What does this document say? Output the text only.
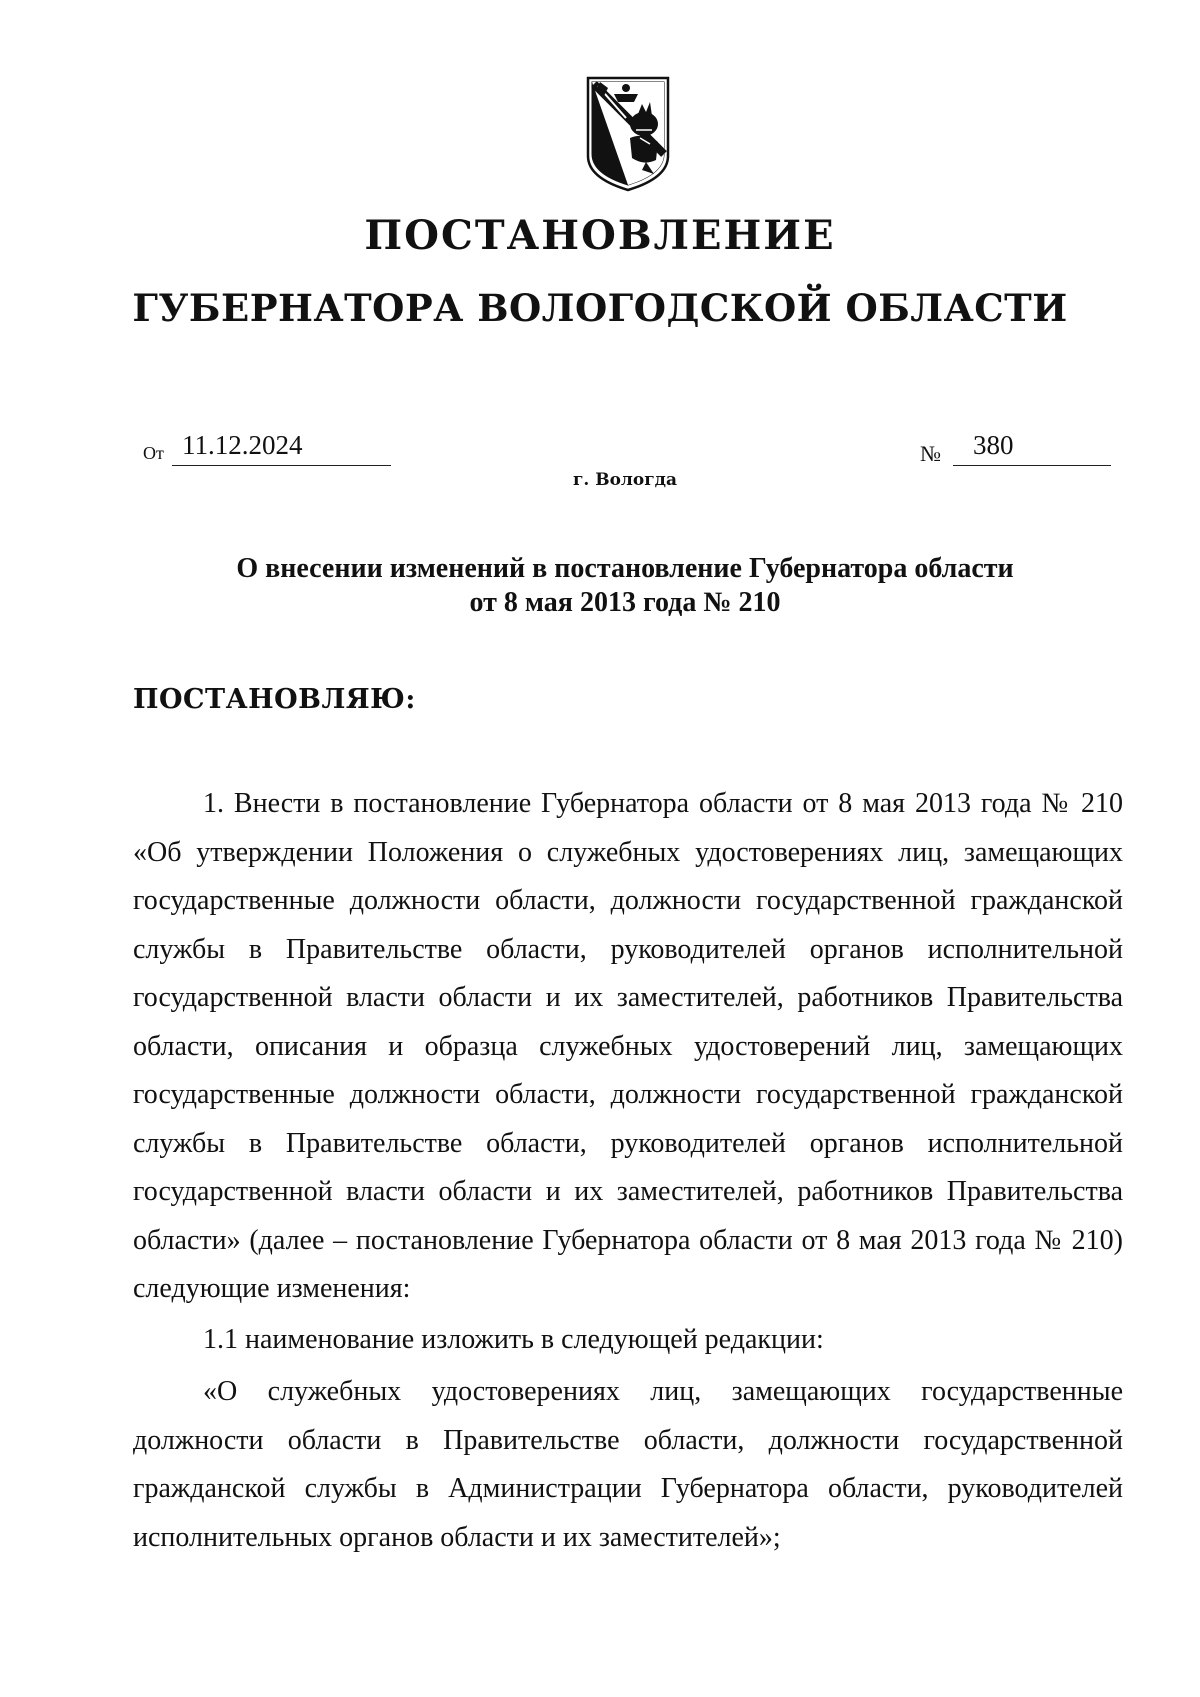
ПОСТАНОВЛЕНИЕ
ГУБЕРНАТОРА ВОЛОГОДСКОЙ ОБЛАСТИ
От 11.12.2024	№	380
г. Вологда
О внесении изменений в постановление Губернатора области
от 8 мая 2013 года № 210
ПОСТАНОВЛЯЮ:

1. Внести в постановление Губернатора области от 8 мая 2013 года № 210 «Об утверждении Положения о служебных удостоверениях лиц, замещающих государственные должности области, должности государственной гражданской службы в Правительстве области, руководителей органов исполнительной государственной власти области и их заместителей, работников Правительства области, описания и образца служебных удостоверений лиц, замещающих государственные должности области, должности государственной гражданской службы в Правительстве области, руководителей органов исполнительной государственной власти области и их заместителей, работников Правительства области» (далее – постановление Губернатора области от 8 мая 2013 года № 210) следующие изменения:

1.1 наименование изложить в следующей редакции:

«О служебных удостоверениях лиц, замещающих государственные должности области в Правительстве области, должности государственной гражданской службы в Администрации Губернатора области, руководителей исполнительных органов области и их заместителей»;
